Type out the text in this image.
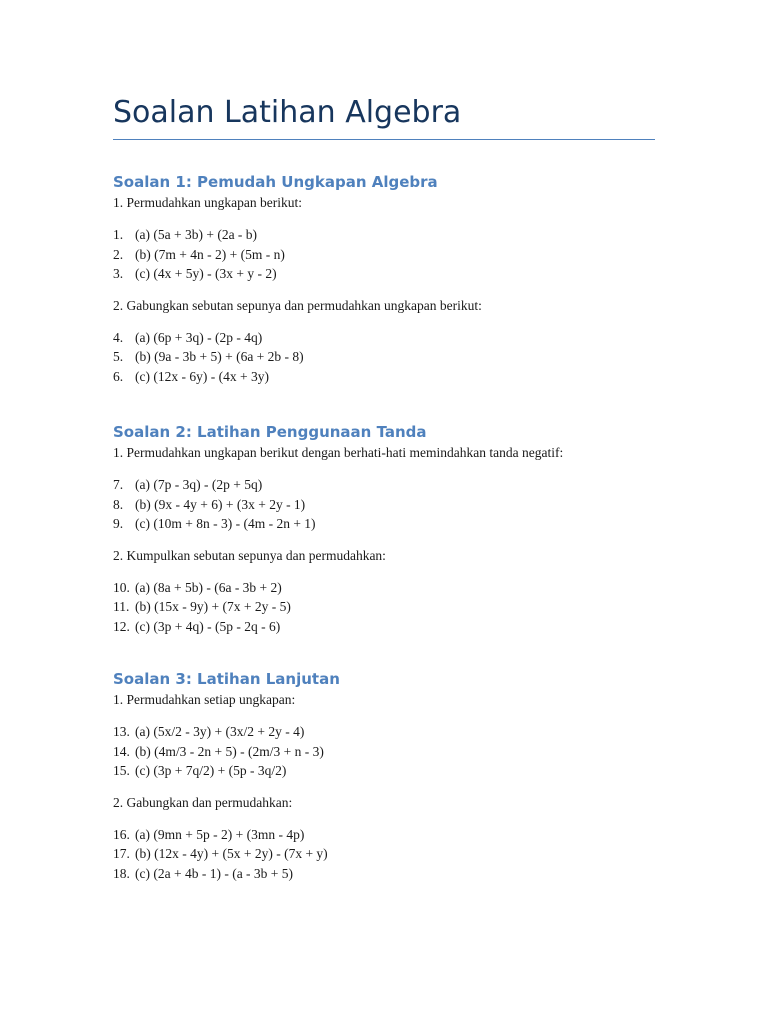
Soalan Latihan Algebra
Soalan 1: Pemudah Ungkapan Algebra

1. Permudahkan ungkapan berikut:

1. (a) (5a + 3b) + (2a - b)
2. (b) (7m + 4n - 2) + (5m - n)
3. (c) (4x + 5y) - (3x + y - 2)

2. Gabungkan sebutan sepunya dan permudahkan ungkapan berikut:

4. (a) (6p + 3q) - (2p - 4q)
5. (b) (9a - 3b + 5) + (6a + 2b - 8)
6. (c) (12x - 6y) - (4x + 3y)
Soalan 2: Latihan Penggunaan Tanda

1. Permudahkan ungkapan berikut dengan berhati-hati memindahkan tanda negatif:

7. (a) (7p - 3q) - (2p + 5q)
8. (b) (9x - 4y + 6) + (3x + 2y - 1)
9. (c) (10m + 8n - 3) - (4m - 2n + 1)

2. Kumpulkan sebutan sepunya dan permudahkan:

10. (a) (8a + 5b) - (6a - 3b + 2)
11. (b) (15x - 9y) + (7x + 2y - 5)
12. (c) (3p + 4q) - (5p - 2q - 6)
Soalan 3: Latihan Lanjutan

1. Permudahkan setiap ungkapan:

13. (a) (5x/2 - 3y) + (3x/2 + 2y - 4)
14. (b) (4m/3 - 2n + 5) - (2m/3 + n - 3)
15. (c) (3p + 7q/2) + (5p - 3q/2)

2. Gabungkan dan permudahkan:

16. (a) (9mn + 5p - 2) + (3mn - 4p)
17. (b) (12x - 4y) + (5x + 2y) - (7x + y)
18. (c) (2a + 4b - 1) - (a - 3b + 5)
